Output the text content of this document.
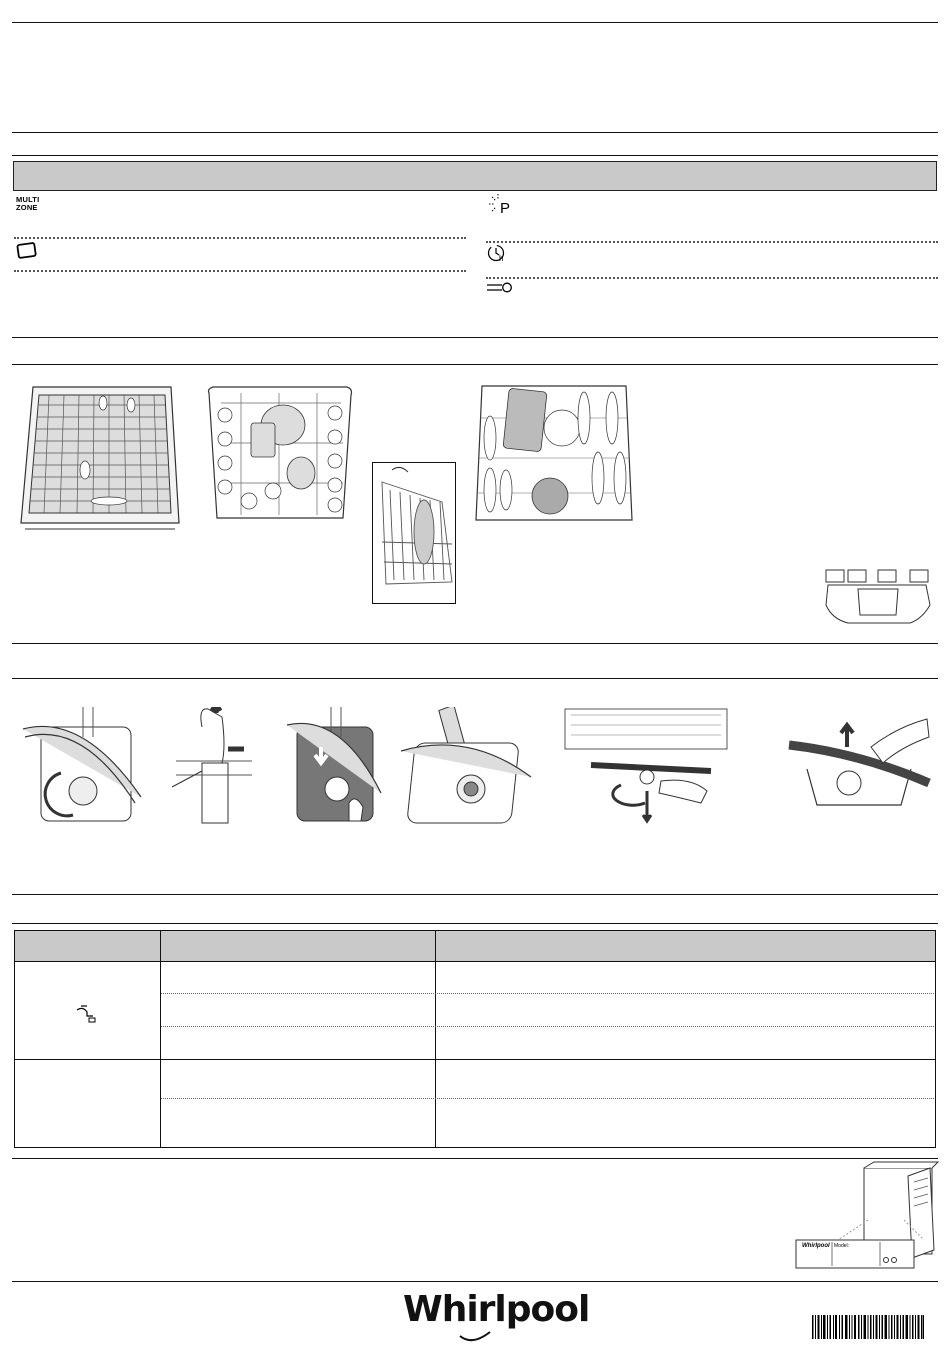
MULTI
ZONE	P
h
Whirlpool Model:
Whirlpool
